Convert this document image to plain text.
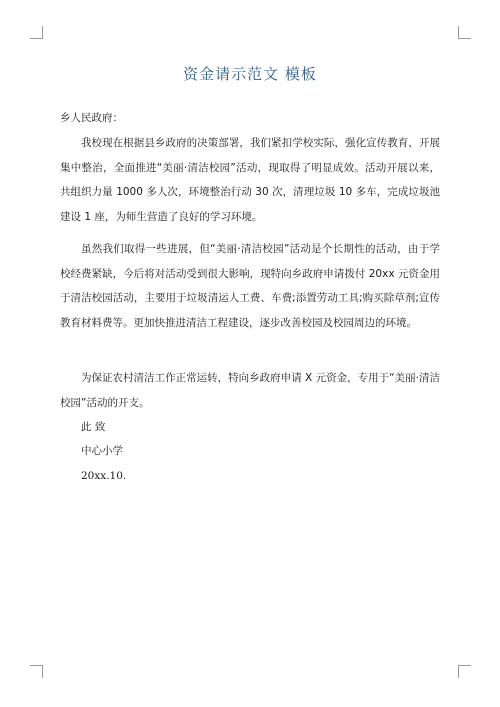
资金请示范文 模板
乡人民政府：

我校现在根据县乡政府的决策部署，我们紧扣学校实际，强化宣传教育，开展集中整治，全面推进“美丽·清洁校园”活动，现取得了明显成效。活动开展以来，共组织力量 1000 多人次，环境整治行动 30 次，清理垃圾 10 多车，完成垃圾池建设 1 座，为师生营造了良好的学习环境。

虽然我们取得一些进展，但“美丽·清洁校园”活动是个长期性的活动，由于学校经费紧缺，今后将对活动受到很大影响，现特向乡政府申请拨付 20xx 元资金用于清洁校园活动，主要用于垃圾清运人工费、车费;添置劳动工具;购买除草剂;宣传教育材料费等。更加快推进清洁工程建设，逐步改善校园及校园周边的环境。

为保证农村清洁工作正常运转，特向乡政府申请 X 元资金，专用于“美丽·清洁校园”活动的开支。

此 致
中心小学
20xx.10.
